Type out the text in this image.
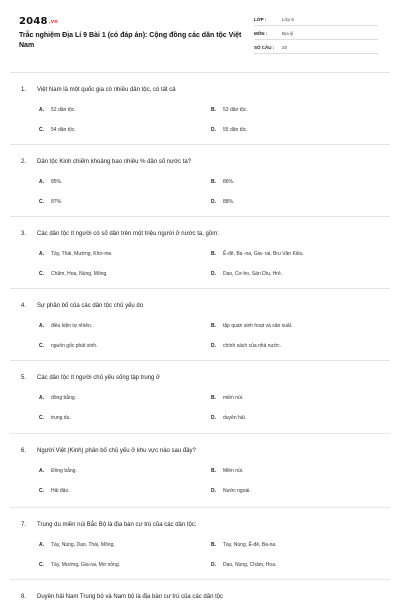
2048.vn
Trắc nghiệm Địa Lí 9 Bài 1 (có đáp án): Cộng đồng các dân tộc Việt Nam
LỚP :	Lớp 9
MÔN :	Địa lý
SỐ CÂU :	20
1. Việt Nam là một quốc gia có nhiều dân tộc, có tất cả
A. 52 dân tộc.	B. 53 dân tộc.
C. 54 dân tộc.	D. 55 dân tộc.
2. Dân tộc Kinh chiếm khoảng bao nhiêu % dân số nước ta?
A. 85%.	B. 86%.
C. 87%.	D. 88%.
3. Các dân tộc ít người có số dân trên một triệu người ở nước ta, gồm:
A. Tày, Thái, Mường, Khơ-me.	B. Ê-đê, Ba -na, Gia- rai, Bru Vân Kiều.
C. Chăm, Hoa, Nùng, Mông.	D. Dao, Cơ-ho, Sán Dìu, Hrê.
4. Sự phân bố của các dân tộc chủ yếu do
A. điều kiện tự nhiên.	B. tập quán sinh hoạt và sản xuất.
C. nguồn gốc phát sinh.	D. chính sách của nhà nước.
5. Các dân tộc ít người chủ yếu sống tập trung ở
A. đồng bằng.	B. miền núi.
C. trung du.	D. duyên hải.
6. Người Việt (Kinh) phân bố chủ yếu ở khu vực nào sau đây?
A. Đồng bằng.	B. Miền núi.
C. Hải đảo.	D. Nước ngoài.
7. Trung du miền núi Bắc Bộ là địa bàn cư trú của các dân tộc:
A. Tày, Nùng, Dao, Thái, Mông.	B. Tày, Nùng, Ê-đê, Ba-na.
C. Tày, Mường, Gia-rai, Mơ nông.	D. Dao, Nùng, Chăm, Hoa.
8. Duyên hải Nam Trung bộ và Nam bộ là địa bàn cư trú của các dân tộc
